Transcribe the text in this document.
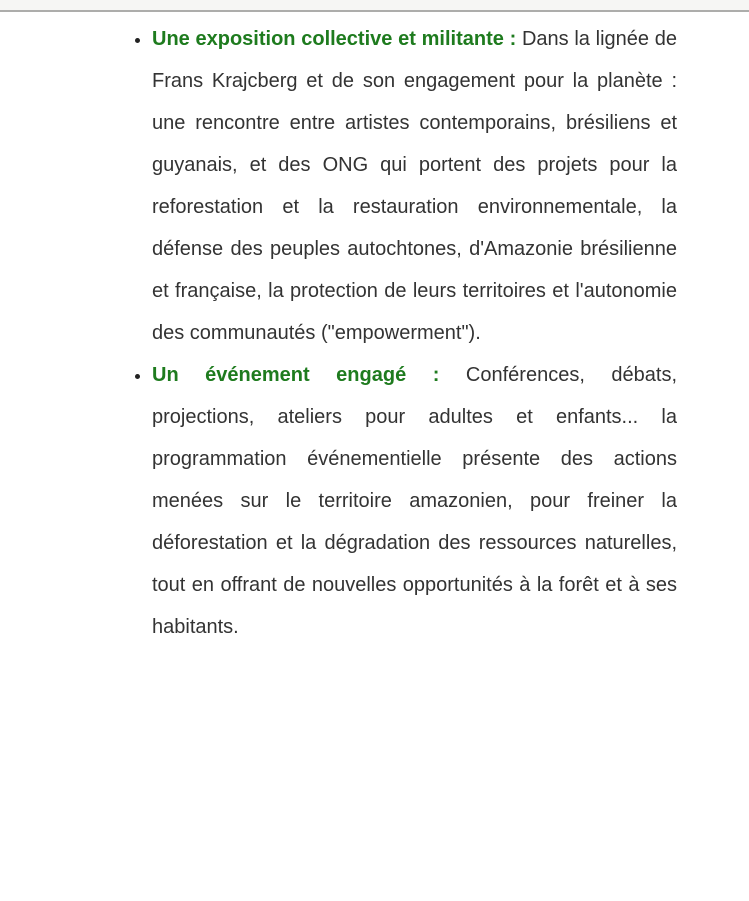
• Une exposition collective et militante : Dans la lignée de Frans Krajcberg et de son engagement pour la planète : une rencontre entre artistes contemporains, brésiliens et guyanais, et des ONG qui portent des projets pour la reforestation et la restauration environnementale, la défense des peuples autochtones, d'Amazonie brésilienne et française, la protection de leurs territoires et l'autonomie des communautés ("empowerment").
• Un événement engagé : Conférences, débats, projections, ateliers pour adultes et enfants... la programmation événementielle présente des actions menées sur le territoire amazonien, pour freiner la déforestation et la dégradation des ressources naturelles, tout en offrant de nouvelles opportunités à la forêt et à ses habitants.
